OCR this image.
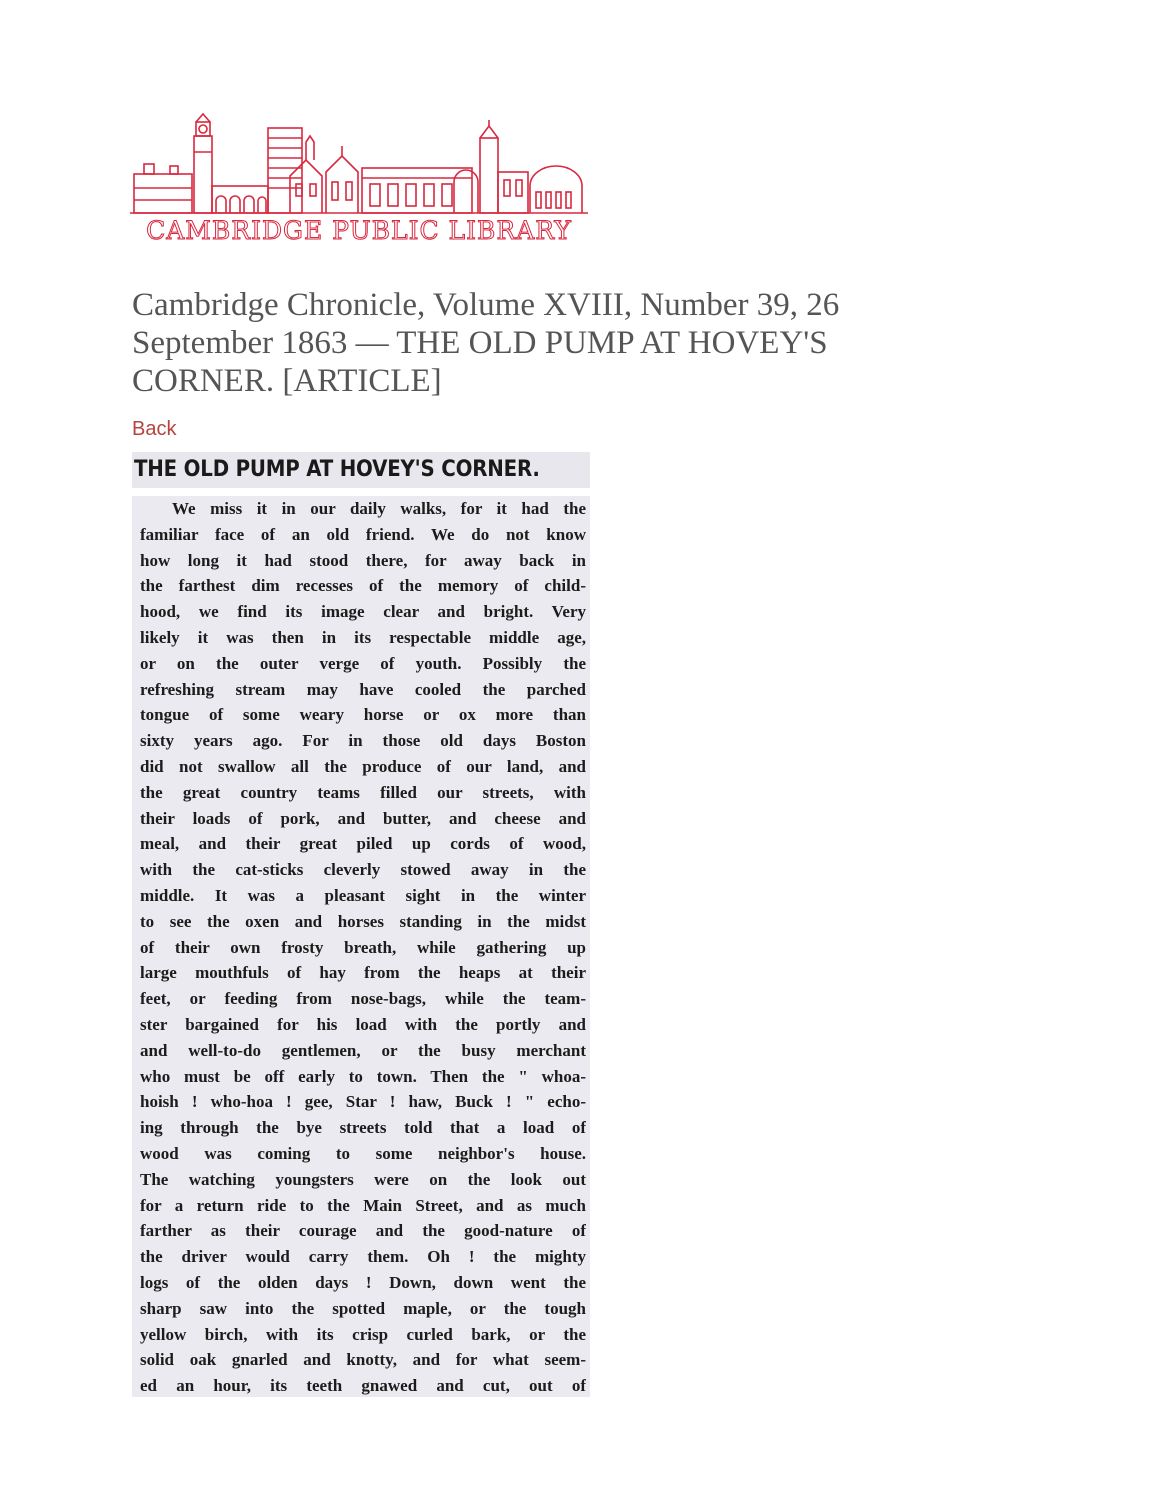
CAMBRIDGE PUBLIC LIBRARY
Cambridge Chronicle, Volume XVIII, Number 39, 26 September 1863 — THE OLD PUMP AT HOVEY'S CORNER. [ARTICLE]
Back
THE OLD PUMP AT HOVEY'S CORNER.
We miss it in our daily walks, for it had the
familiar face of an old friend. We do not know
how long it had stood there, for away back in
the farthest dim recesses of the memory of child-
hood, we find its image clear and bright. Very
likely it was then in its respectable middle age,
or on the outer verge of youth. Possibly the
refreshing stream may have cooled the parched
tongue of some weary horse or ox more than
sixty years ago. For in those old days Boston
did not swallow all the produce of our land, and
the great country teams filled our streets, with
their loads of pork, and butter, and cheese and
meal, and their great piled up cords of wood,
with the cat-sticks cleverly stowed away in the
middle. It was a pleasant sight in the winter
to see the oxen and horses standing in the midst
of their own frosty breath, while gathering up
large mouthfuls of hay from the heaps at their
feet, or feeding from nose-bags, while the team-
ster bargained for his load with the portly and
and well-to-do gentlemen, or the busy merchant
who must be off early to town. Then the " whoa-
hoish ! who-hoa ! gee, Star ! haw, Buck ! " echo-
ing through the bye streets told that a load of
wood was coming to some neighbor's house.
The watching youngsters were on the look out
for a return ride to the Main Street, and as much
farther as their courage and the good-nature of
the driver would carry them. Oh ! the mighty
logs of the olden days ! Down, down went the
sharp saw into the spotted maple, or the tough
yellow birch, with its crisp curled bark, or the
solid oak gnarled and knotty, and for what seem-
ed an hour, its teeth gnawed and cut, out of
